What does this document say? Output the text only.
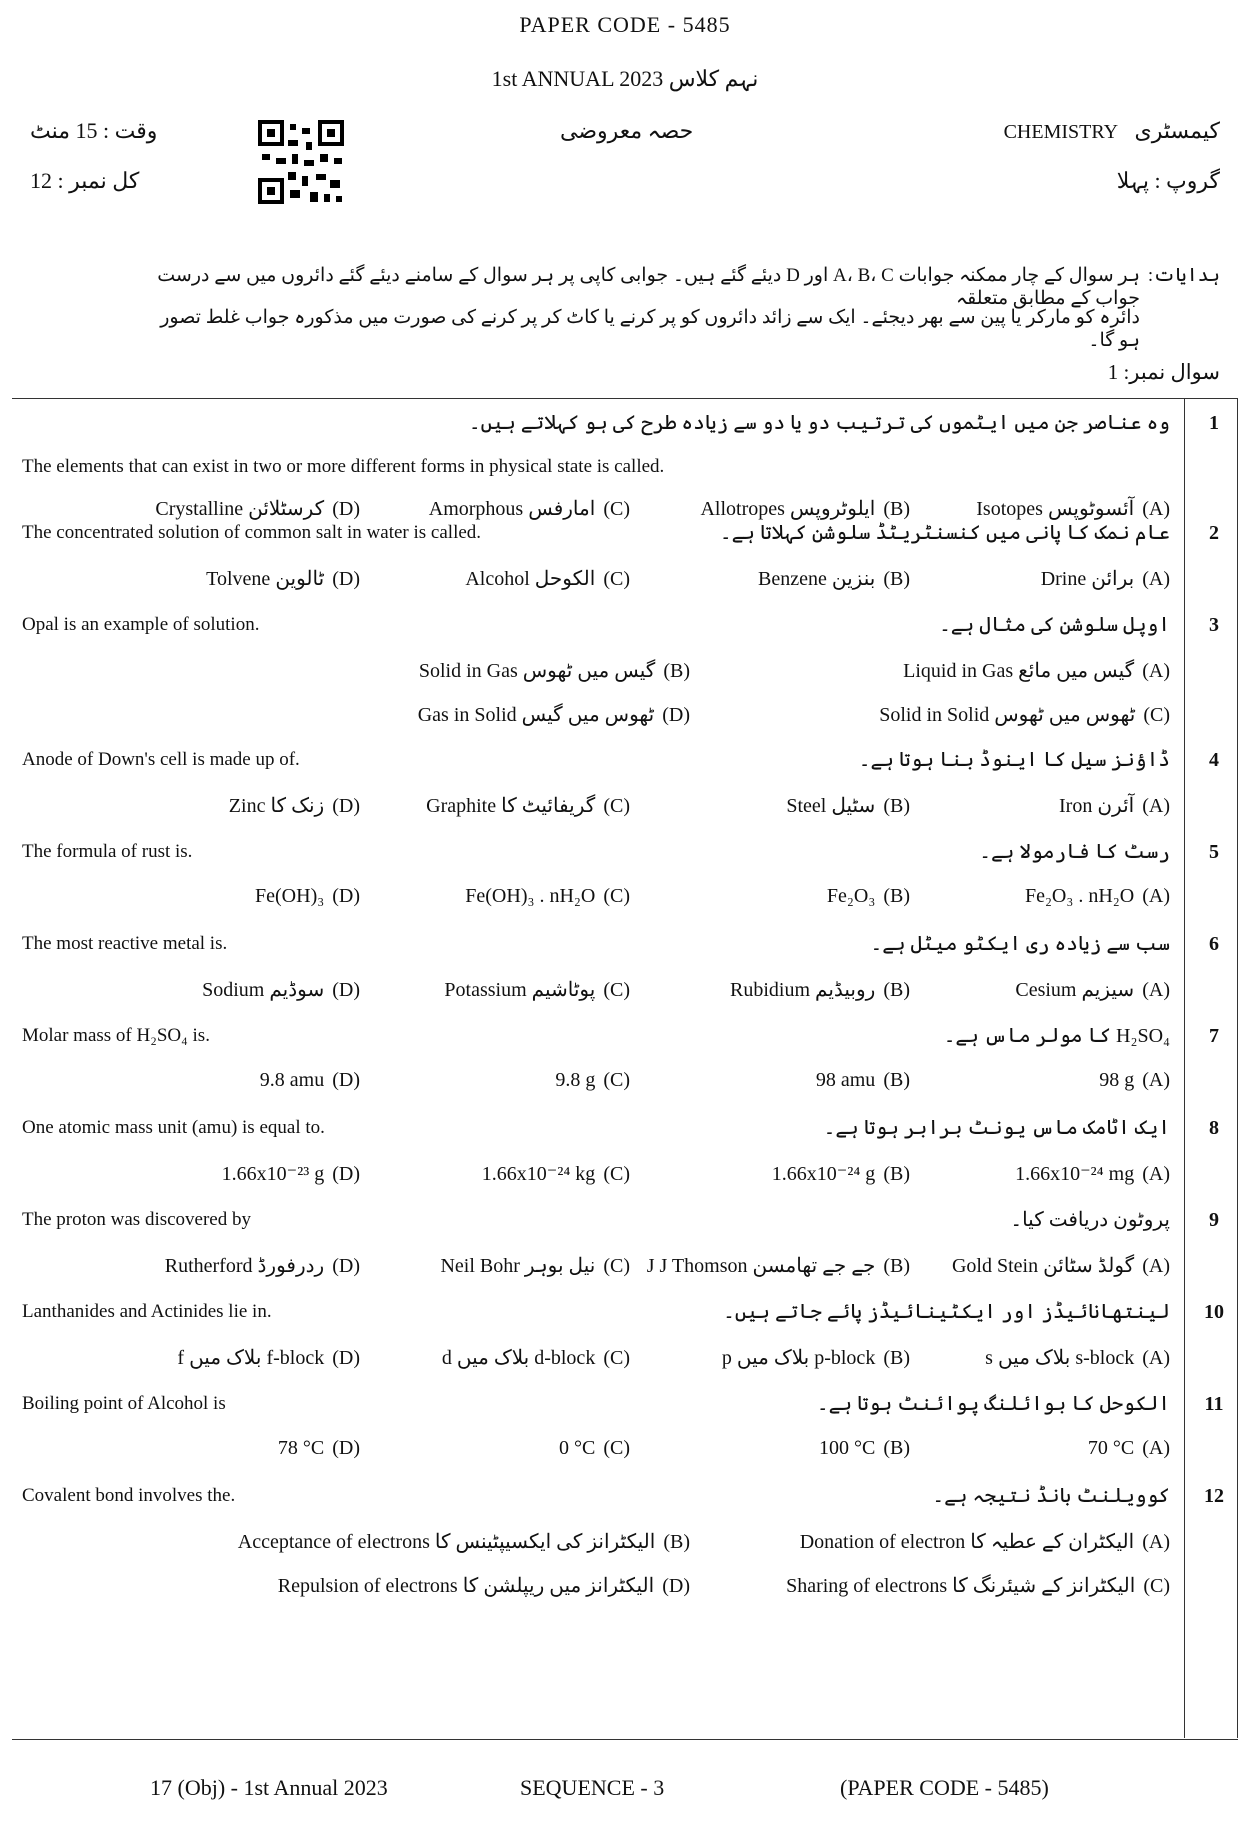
PAPER CODE - 5485
1st ANNUAL 2023 نہم کلاس
کیمسٹری   CHEMISTRY
گروپ : پہلا
حصہ معروضی
وقت : 15 منٹ
کل نمبر : 12
ہدایات:
ہر سوال کے چار ممکنہ جوابات A، B، C اور D دیئے گئے ہیں۔ جوابی کاپی پر ہر سوال کے سامنے دیئے گئے دائروں میں سے درست جواب کے مطابق متعلقہ
دائرہ کو مارکر یا پین سے بھر دیجئے۔ ایک سے زائد دائروں کو پر کرنے یا کاٹ کر پر کرنے کی صورت میں مذکورہ جواب غلط تصور ہو گا۔
سوال نمبر: 1
1
وہ عناصر جن میں ایٹموں کی ترتیب دو یا دو سے زیادہ طرح کی ہو کہلاتے ہیں۔
The elements that can exist in two or more different forms in physical state is called.
(A)آئسوٹوپس Isotopes
(B)ایلوٹروپس Allotropes
(C)امارفس Amorphous
(D)کرسٹلائن Crystalline
2
عام نمک کا پانی میں کنسنٹریٹڈ سلوشن کہلاتا ہے۔
The concentrated solution of common salt in water is called.
(A)برائن Drine
(B)بنزین Benzene
(C)الکوحل Alcohol
(D)ٹالوین Tolvene
3
اوپل سلوشن کی مثال ہے۔
Opal is an example of solution.
(A)گیس میں مائع Liquid in Gas
(B)گیس میں ٹھوس Solid in Gas
(C)ٹھوس میں ٹھوس Solid in Solid
(D)ٹھوس میں گیس Gas in Solid
4
ڈاؤنز سیل کا اینوڈ بنا ہوتا ہے۔
Anode of Down's cell is made up of.
(A)آئرن Iron
(B)سٹیل Steel
(C)گریفائیٹ کا Graphite
(D)زنک کا Zinc
5
رسٹ کا فارمولا ہے۔
The formula of rust is.
(A)Fe₂O₃ . nH₂O
(B)Fe₂O₃
(C)Fe(OH)₃ . nH₂O
(D)Fe(OH)₃
6
سب سے زیادہ ری ایکٹو میٹل ہے۔
The most reactive metal is.
(A)سیزیم Cesium
(B)روبیڈیم Rubidium
(C)پوٹاشیم Potassium
(D)سوڈیم Sodium
7
H₂SO₄ کا مولر ماس ہے۔
Molar mass of H₂SO₄ is.
(A)98 g
(B)98 amu
(C)9.8 g
(D)9.8 amu
8
ایک اٹامک ماس یونٹ برابر ہوتا ہے۔
One atomic mass unit (amu) is equal to.
(A)1.66x10⁻²⁴ mg
(B)1.66x10⁻²⁴ g
(C)1.66x10⁻²⁴ kg
(D)1.66x10⁻²³ g
9
پروٹون دریافت کیا۔
The proton was discovered by
(A)گولڈ سٹائن Gold Stein
(B)جے جے تھامسن J J Thomson
(C)نیل بوہر Neil Bohr
(D)ردرفورڈ Rutherford
10
لینتھانائیڈز اور ایکٹینائیڈز پائے جاتے ہیں۔
Lanthanides and Actinides lie in.
(A)s بلاک میں s-block
(B)p بلاک میں p-block
(C)d بلاک میں d-block
(D)f بلاک میں f-block
11
الکوحل کا بوائلنگ پوائنٹ ہوتا ہے۔
Boiling point of Alcohol is
(A)70 °C
(B)100 °C
(C)0 °C
(D)78 °C
12
کوویلنٹ بانڈ نتیجہ ہے۔
Covalent bond involves the.
(A)الیکٹران کے عطیہ کا Donation of electron
(B)الیکٹرانز کی ایکسیپٹینس کا Acceptance of electrons
(C)الیکٹرانز کے شیئرنگ کا Sharing of electrons
(D)الیکٹرانز میں ریپلشن کا Repulsion of electrons
17 (Obj) - 1st Annual 2023	SEQUENCE - 3	(PAPER CODE - 5485)
